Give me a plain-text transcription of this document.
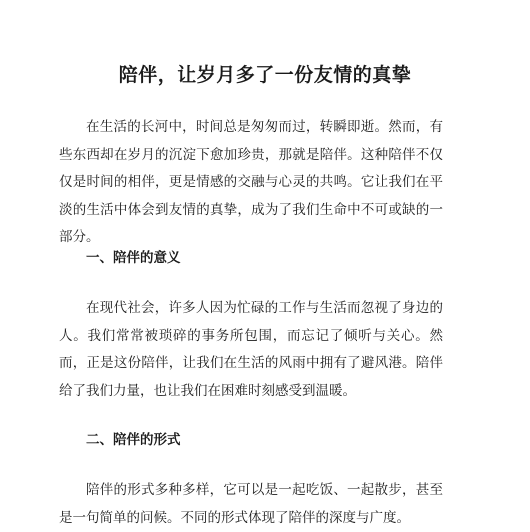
陪伴，让岁月多了一份友情的真挚

在生活的长河中，时间总是匆匆而过，转瞬即逝。然而，有些东西却在岁月的沉淀下愈加珍贵，那就是陪伴。这种陪伴不仅仅是时间的相伴，更是情感的交融与心灵的共鸣。它让我们在平淡的生活中体会到友情的真挚，成为了我们生命中不可或缺的一部分。

一、陪伴的意义

在现代社会，许多人因为忙碌的工作与生活而忽视了身边的人。我们常常被琐碎的事务所包围，而忘记了倾听与关心。然而，正是这份陪伴，让我们在生活的风雨中拥有了避风港。陪伴给了我们力量，也让我们在困难时刻感受到温暖。

二、陪伴的形式

陪伴的形式多种多样，它可以是一起吃饭、一起散步，甚至是一句简单的问候。不同的形式体现了陪伴的深度与广度。
